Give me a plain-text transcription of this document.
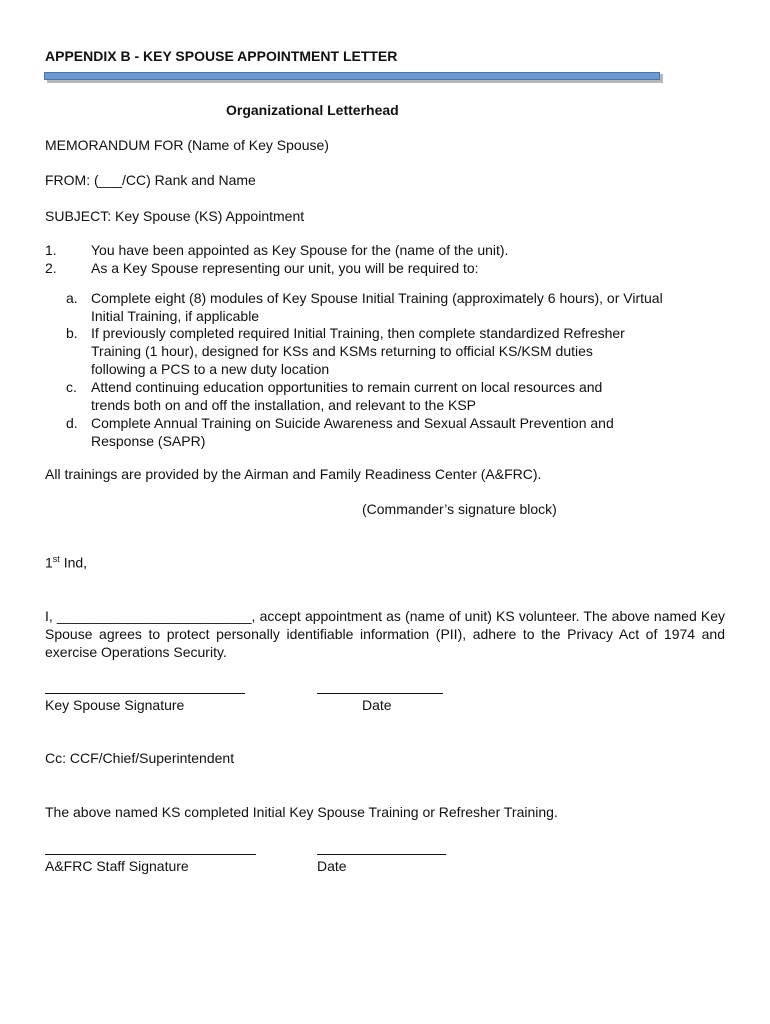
APPENDIX B - KEY SPOUSE APPOINTMENT LETTER
Organizational Letterhead
MEMORANDUM FOR (Name of Key Spouse)
FROM: (___/CC) Rank and Name
SUBJECT: Key Spouse (KS) Appointment
1. You have been appointed as Key Spouse for the (name of the unit).
2. As a Key Spouse representing our unit, you will be required to:
a. Complete eight (8) modules of Key Spouse Initial Training (approximately 6 hours), or Virtual
Initial Training, if applicable
b. If previously completed required Initial Training, then complete standardized Refresher
Training (1 hour), designed for KSs and KSMs returning to official KS/KSM duties
following a PCS to a new duty location
c. Attend continuing education opportunities to remain current on local resources and
trends both on and off the installation, and relevant to the KSP
d. Complete Annual Training on Suicide Awareness and Sexual Assault Prevention and
Response (SAPR)
All trainings are provided by the Airman and Family Readiness Center (A&FRC).
(Commander’s signature block)
1st Ind,
I, _________________________, accept appointment as (name of unit) KS volunteer. The above named Key Spouse agrees to protect personally identifiable information (PII), adhere to the Privacy Act of 1974 and exercise Operations Security.
Key Spouse Signature	Date
Cc: CCF/Chief/Superintendent
The above named KS completed Initial Key Spouse Training or Refresher Training.
A&FRC Staff Signature	Date
